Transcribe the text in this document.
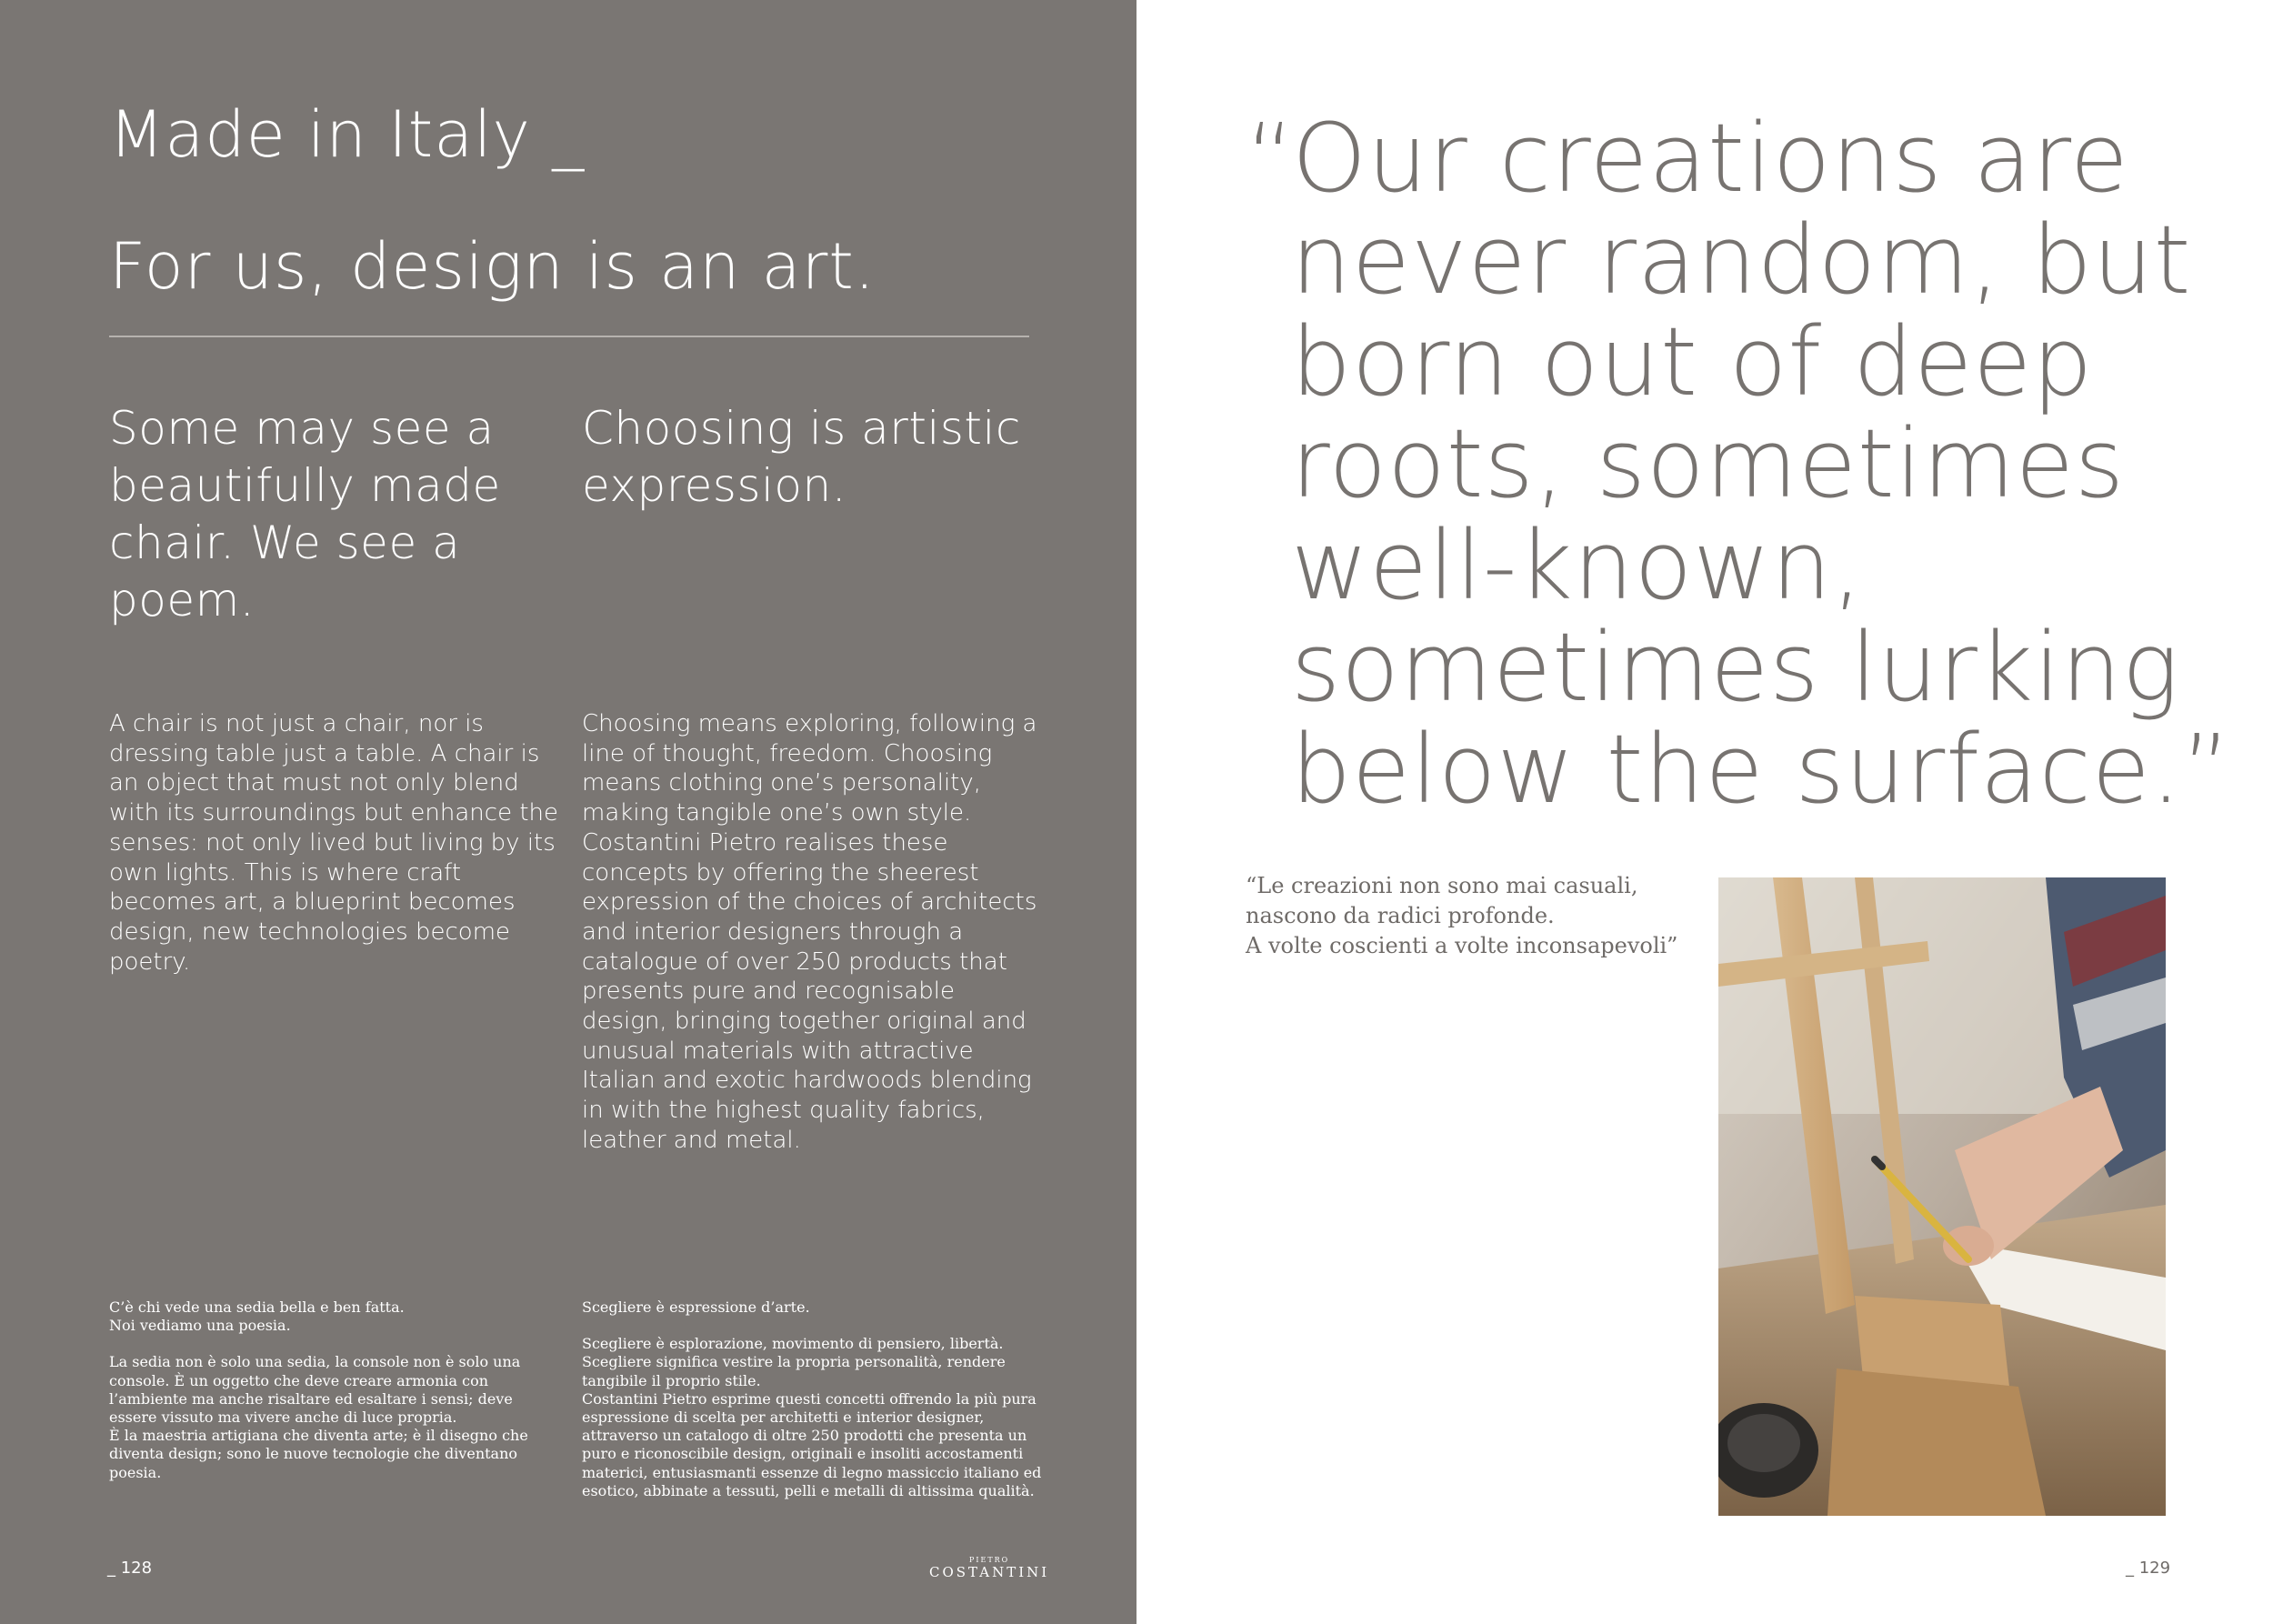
Made in Italy _
For us, design is an art.
Some may see a beautifully made chair. We see a poem.
Choosing is artistic expression.

A chair is not just a chair, nor is dressing table just a table. A chair is an object that must not only blend with its surroundings but enhance the senses: not only lived but living by its own lights. This is where craft becomes art, a blueprint becomes design, new technologies become poetry.

Choosing means exploring, following a line of thought, freedom. Choosing means clothing one’s personality, making tangible one’s own style.
Costantini Pietro realises these concepts by offering the sheerest expression of the choices of architects and interior designers through a catalogue of over 250 products that presents pure and recognisable design, bringing together original and unusual materials with attractive Italian and exotic hardwoods blending in with the highest quality fabrics, leather and metal.

C’è chi vede una sedia bella e ben fatta.
Noi vediamo una poesia.

La sedia non è solo una sedia, la console non è solo una console. È un oggetto che deve creare armonia con l’ambiente ma anche risaltare ed esaltare i sensi; deve essere vissuto ma vivere anche di luce propria.
È la maestria artigiana che diventa arte; è il disegno che diventa design; sono le nuove tecnologie che diventano poesia.

Scegliere è espressione d’arte.

Scegliere è esplorazione, movimento di pensiero, libertà.
Scegliere significa vestire la propria personalità, rendere tangibile il proprio stile.
Costantini Pietro esprime questi concetti offrendo la più pura espressione di scelta per architetti e interior designer, attraverso un catalogo di oltre 250 prodotti che presenta un puro e riconoscibile design, originali e insoliti accostamenti materici, entusiasmanti essenze di legno massiccio italiano ed esotico, abbinate a tessuti, pelli e metalli di altissima qualità.

_ 128	PIETRO
COSTANTINI
“Our creations are
never random, but
born out of deep
roots, sometimes
well-known,
sometimes lurking
below the surface.”

“Le creazioni non sono mai casuali,
nascono da radici profonde.
A volte coscienti a volte inconsapevoli”

_ 129
